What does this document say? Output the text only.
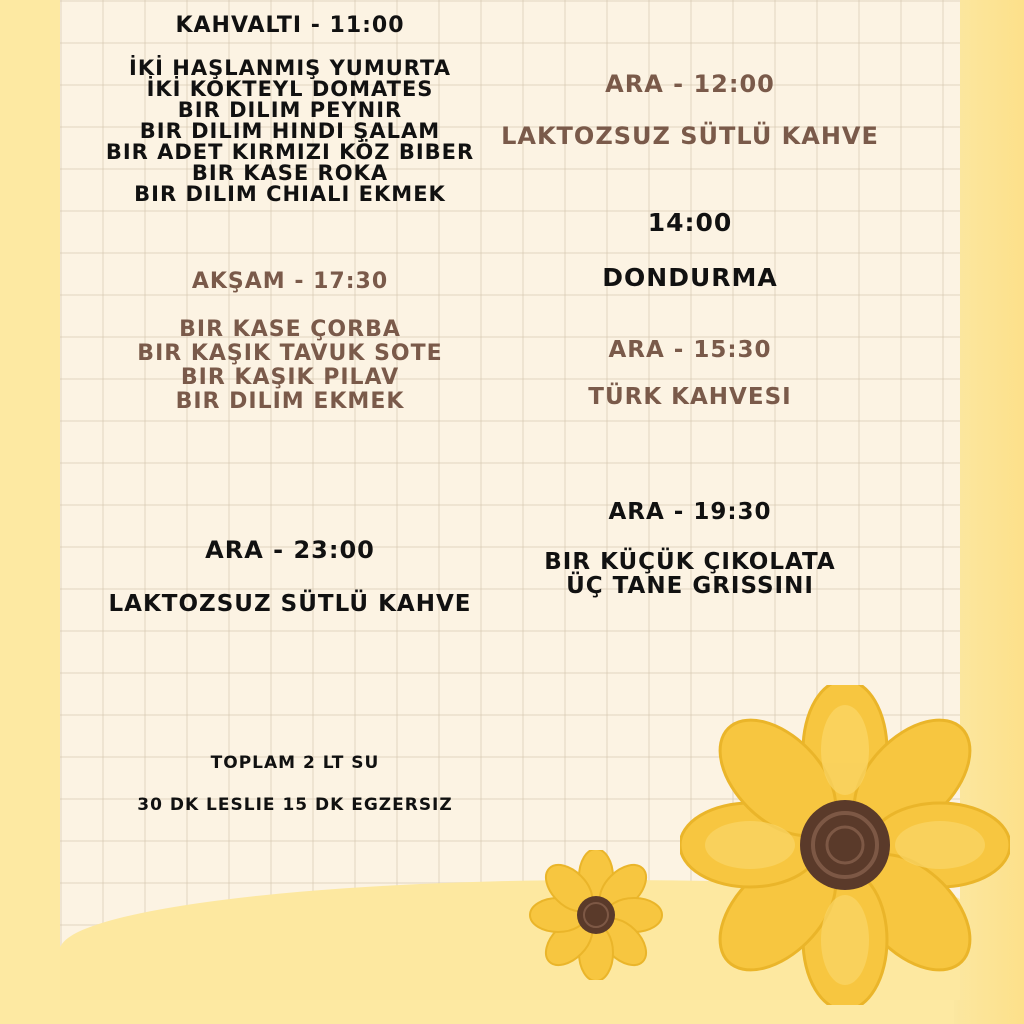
KAHVALTI - 11:00
İKİ HAŞLANMIŞ YUMURTA
İKİ KOKTEYL DOMATES
BIR DILIM PEYNIR
BIR DILIM HINDI ŞALAM
BIR ADET KIRMIZI KÖZ BIBER
BIR KASE ROKA
BIR DILIM CHIALI EKMEK
AKŞAM - 17:30
BIR KASE ÇORBA
BIR KAŞIK TAVUK SOTE
BIR KAŞIK PILAV
BIR DILIM EKMEK
ARA - 23:00
LAKTOZSUZ SÜTLÜ KAHVE
TOPLAM 2 LT SU
30 DK LESLIE 15 DK EGZERSIZ
ARA - 12:00
LAKTOZSUZ SÜTLÜ KAHVE
14:00
DONDURMA
ARA - 15:30
TÜRK KAHVESI
ARA - 19:30
BIR KÜÇÜK ÇIKOLATA
ÜÇ TANE GRISSINI
